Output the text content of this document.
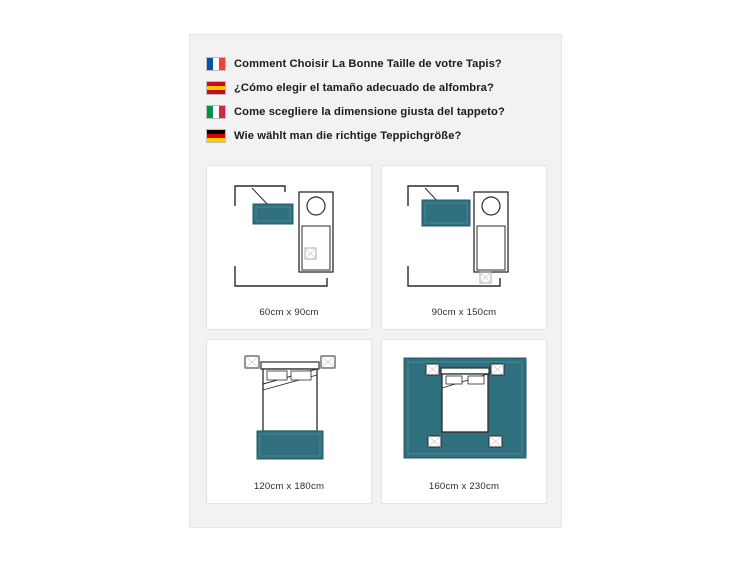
Comment Choisir La Bonne Taille de votre Tapis?
¿Cómo elegir el tamaño adecuado de alfombra?
Come scegliere la dimensione giusta del tappeto?
Wie wählt man die richtige Teppichgröße?
60cm x 90cm	90cm x 150cm
120cm x 180cm	160cm x 230cm
